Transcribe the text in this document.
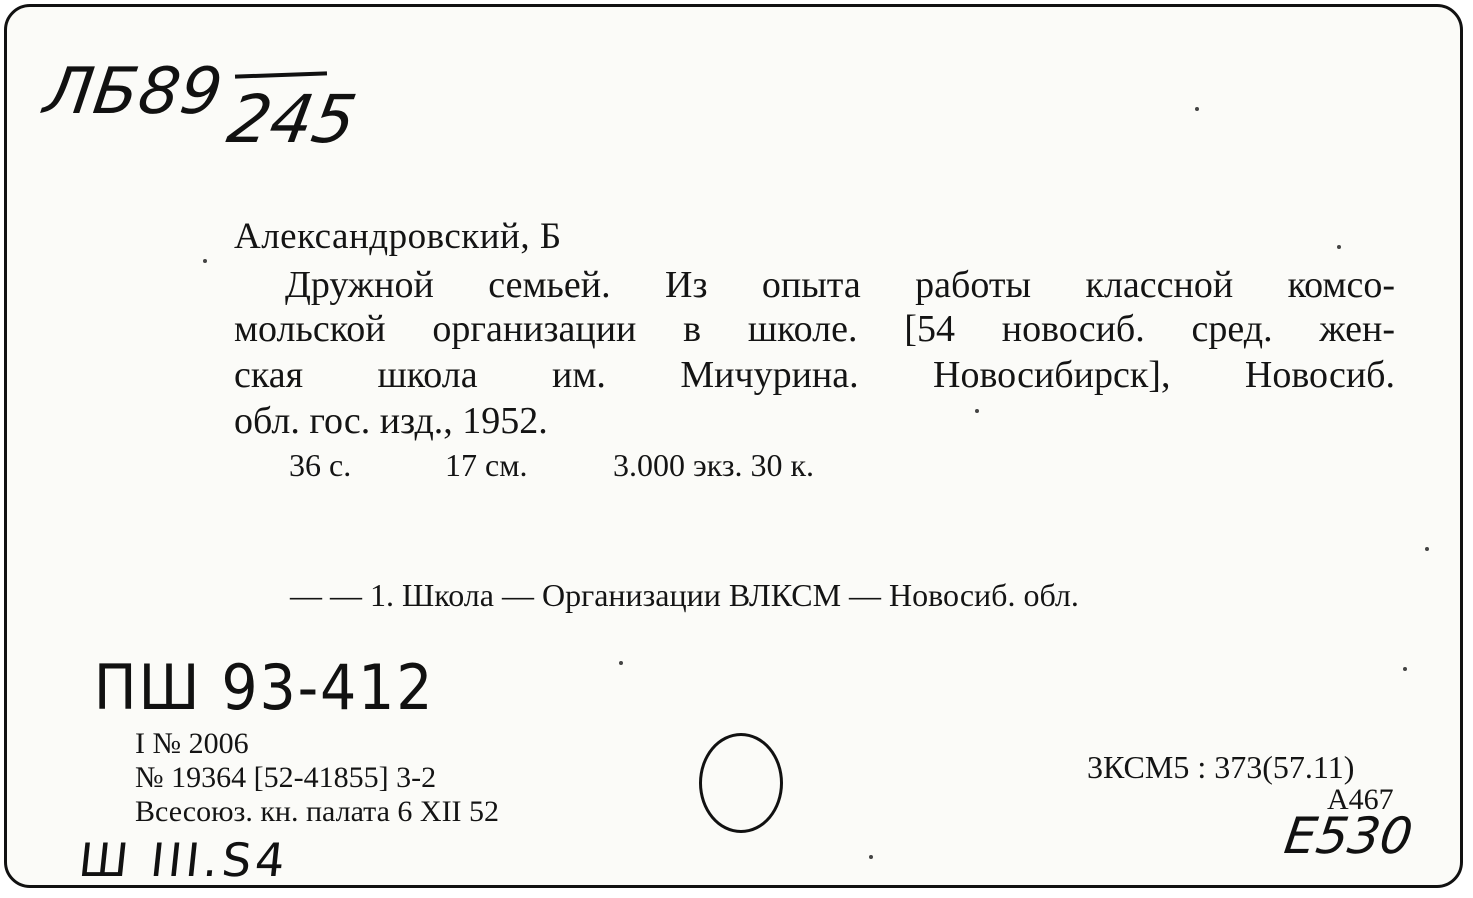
ЛБ89
245
Александровский, Б
Дружной семьей. Из опыта работы классной комсо-
мольской организации в школе. [54 новосиб. сред. жен-
ская школа им. Мичурина. Новосибирск], Новосиб.
обл. гос. изд., 1952.
36 с.	17 см.	3.000 экз. 30 к.
— — 1. Школа — Организации ВЛКСМ — Новосиб. обл.
ПШ 93-412
I № 2006
№ 19364 [52-41855] 3-2
Всесоюз. кн. палата 6 XII 52
Ш III.S4
3КСМ5 : 373(57.11)
А467
Е530
